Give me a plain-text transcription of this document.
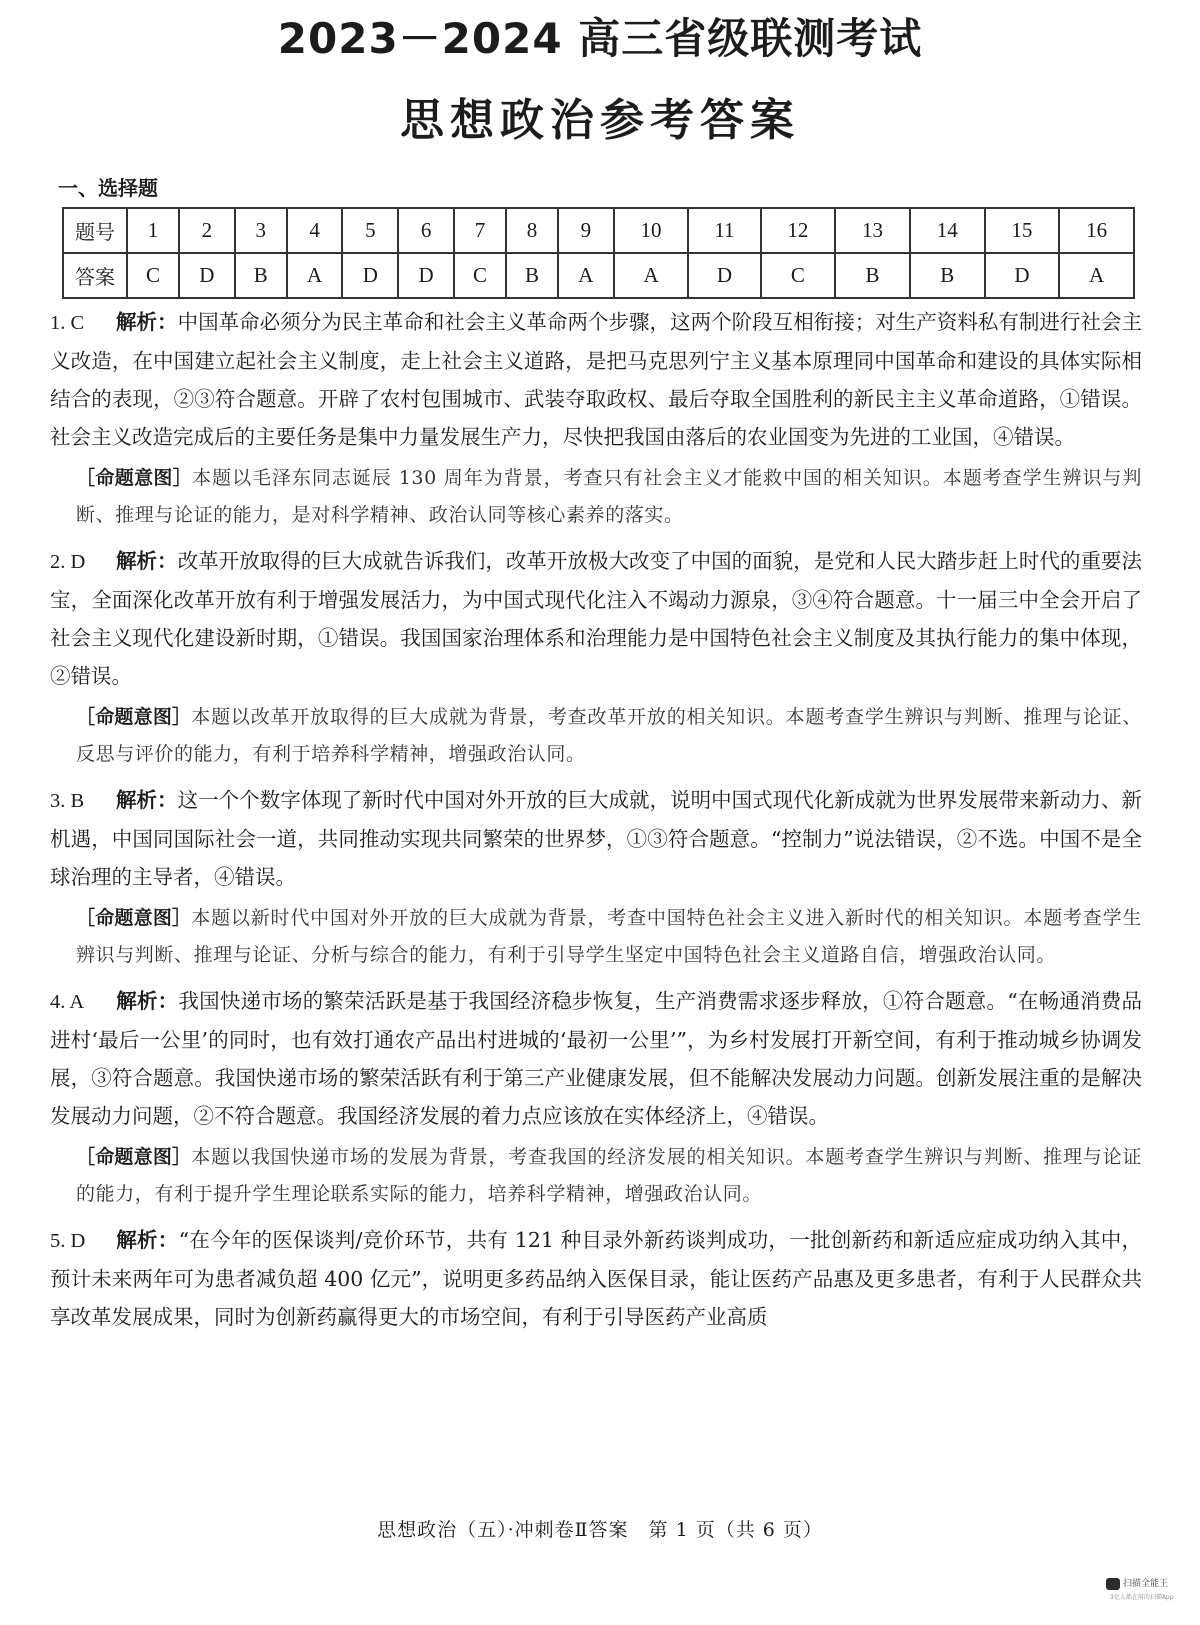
2023－2024 高三省级联测考试
思想政治参考答案
一、选择题
题号	1	2	3	4	5	6	7	8	9	10	11	12	13	14	15	16
答案	C	D	B	A	D	D	C	B	A	A	D	C	B	B	D	A
1. C 解析：中国革命必须分为民主革命和社会主义革命两个步骤，这两个阶段互相衔接；对生产资料私有制进行社会主义改造，在中国建立起社会主义制度，走上社会主义道路，是把马克思列宁主义基本原理同中国革命和建设的具体实际相结合的表现，②③符合题意。开辟了农村包围城市、武装夺取政权、最后夺取全国胜利的新民主主义革命道路，①错误。社会主义改造完成后的主要任务是集中力量发展生产力，尽快把我国由落后的农业国变为先进的工业国，④错误。
［命题意图］本题以毛泽东同志诞辰 130 周年为背景，考查只有社会主义才能救中国的相关知识。本题考查学生辨识与判断、推理与论证的能力，是对科学精神、政治认同等核心素养的落实。
2. D 解析：改革开放取得的巨大成就告诉我们，改革开放极大改变了中国的面貌，是党和人民大踏步赶上时代的重要法宝，全面深化改革开放有利于增强发展活力，为中国式现代化注入不竭动力源泉，③④符合题意。十一届三中全会开启了社会主义现代化建设新时期，①错误。我国国家治理体系和治理能力是中国特色社会主义制度及其执行能力的集中体现，②错误。
［命题意图］本题以改革开放取得的巨大成就为背景，考查改革开放的相关知识。本题考查学生辨识与判断、推理与论证、反思与评价的能力，有利于培养科学精神，增强政治认同。
3. B 解析：这一个个数字体现了新时代中国对外开放的巨大成就，说明中国式现代化新成就为世界发展带来新动力、新机遇，中国同国际社会一道，共同推动实现共同繁荣的世界梦，①③符合题意。“控制力”说法错误，②不选。中国不是全球治理的主导者，④错误。
［命题意图］本题以新时代中国对外开放的巨大成就为背景，考查中国特色社会主义进入新时代的相关知识。本题考查学生辨识与判断、推理与论证、分析与综合的能力，有利于引导学生坚定中国特色社会主义道路自信，增强政治认同。
4. A 解析：我国快递市场的繁荣活跃是基于我国经济稳步恢复，生产消费需求逐步释放，①符合题意。“在畅通消费品进村‘最后一公里’的同时，也有效打通农产品出村进城的‘最初一公里’”，为乡村发展打开新空间，有利于推动城乡协调发展，③符合题意。我国快递市场的繁荣活跃有利于第三产业健康发展，但不能解决发展动力问题。创新发展注重的是解决发展动力问题，②不符合题意。我国经济发展的着力点应该放在实体经济上，④错误。
［命题意图］本题以我国快递市场的发展为背景，考查我国的经济发展的相关知识。本题考查学生辨识与判断、推理与论证的能力，有利于提升学生理论联系实际的能力，培养科学精神，增强政治认同。
5. D 解析：“在今年的医保谈判/竞价环节，共有 121 种目录外新药谈判成功，一批创新药和新适应症成功纳入其中，预计未来两年可为患者减负超 400 亿元”，说明更多药品纳入医保目录，能让医药产品惠及更多患者，有利于人民群众共享改革发展成果，同时为创新药赢得更大的市场空间，有利于引导医药产业高质
思想政治（五）·冲刺卷Ⅱ答案　第 1 页（共 6 页）
扫描全能王
3亿人都在用的扫描App
